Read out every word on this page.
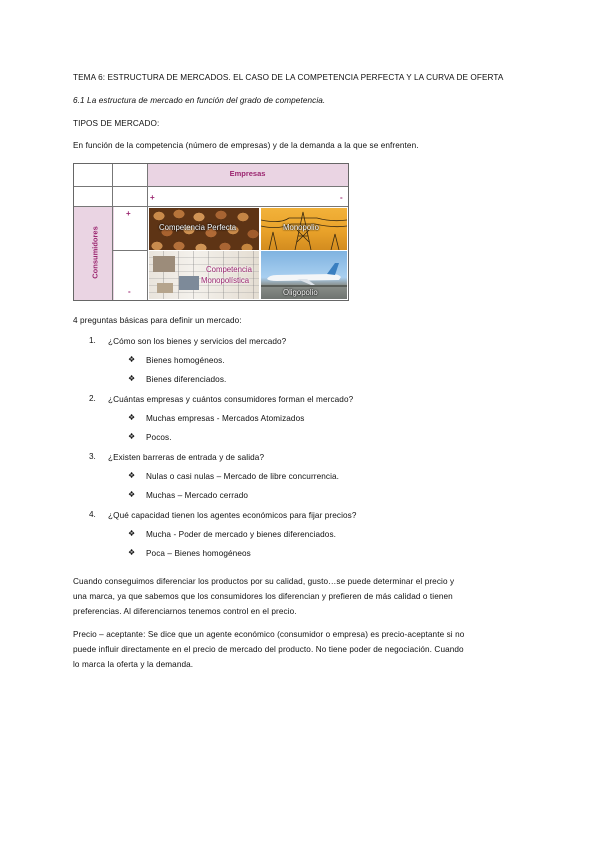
TEMA 6: ESTRUCTURA DE MERCADOS. EL CASO DE LA COMPETENCIA PERFECTA Y LA CURVA DE OFERTA
6.1 La estructura de mercado en función del grado de competencia.
TIPOS DE MERCADO:
En función de la competencia (número de empresas) y de la demanda a la que se enfrenten.
Empresas
Consumidores
+	-
+
-
Competencia Perfecta	Monopolio
Competencia
Monopolística
Oligopolio
4 preguntas básicas para definir un mercado:
1. ¿Cómo son los bienes y servicios del mercado?
❖ Bienes homogéneos.
❖ Bienes diferenciados.
2. ¿Cuántas empresas y cuántos consumidores forman el mercado?
❖ Muchas empresas - Mercados Atomizados
❖ Pocos.
3. ¿Existen barreras de entrada y de salida?
❖ Nulas o casi nulas – Mercado de libre concurrencia.
❖ Muchas – Mercado cerrado
4. ¿Qué capacidad tienen los agentes económicos para fijar precios?
❖ Mucha - Poder de mercado y bienes diferenciados.
❖ Poca – Bienes homogéneos
Cuando conseguimos diferenciar los productos por su calidad, gusto…se puede determinar el precio y
una marca, ya que sabemos que los consumidores los diferencian y prefieren de más calidad o tienen
preferencias. Al diferenciarnos tenemos control en el precio.
Precio – aceptante: Se dice que un agente económico (consumidor o empresa) es precio-aceptante si no
puede influir directamente en el precio de mercado del producto. No tiene poder de negociación. Cuando
lo marca la oferta y la demanda.
